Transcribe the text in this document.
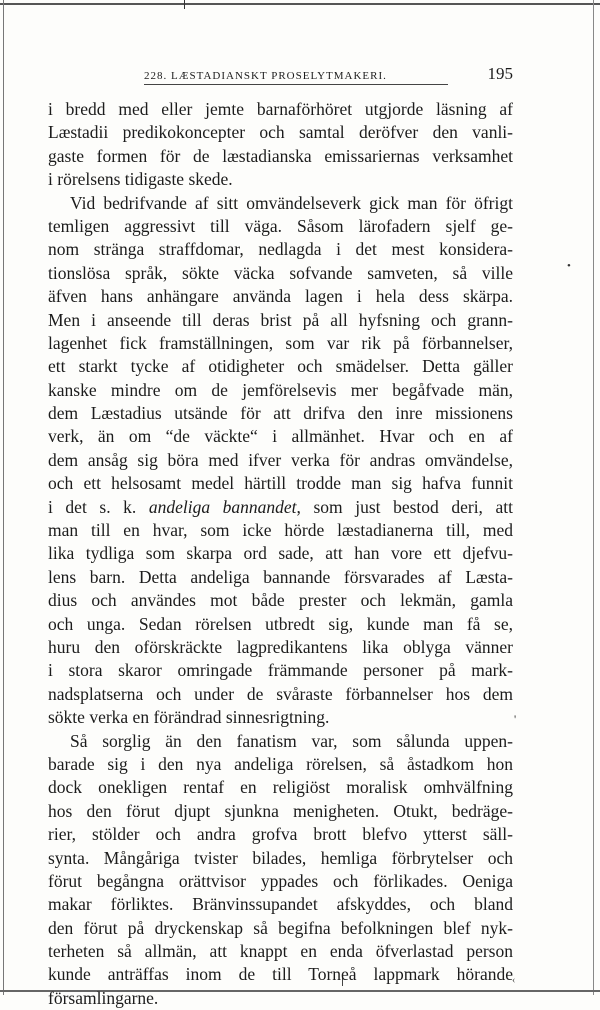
228. LÆSTADIANSKT PROSELYTMAKERI.	195
•
'
‹
i bredd med eller jemte barnaförhöret utgjorde läsning af
Læstadii predikokoncepter och samtal deröfver den vanli-
gaste formen för de læstadianska emissariernas verksamhet
i rörelsens tidigaste skede.
Vid bedrifvande af sitt omvändelseverk gick man för öfrigt
temligen aggressivt till väga. Såsom lärofadern sjelf ge-
nom stränga straffdomar, nedlagda i det mest konsidera-
tionslösa språk, sökte väcka sofvande samveten, så ville
äfven hans anhängare använda lagen i hela dess skärpa.
Men i anseende till deras brist på all hyfsning och grann-
lagenhet fick framställningen, som var rik på förbannelser,
ett starkt tycke af otidigheter och smädelser. Detta gäller
kanske mindre om de jemförelsevis mer begåfvade män,
dem Læstadius utsände för att drifva den inre missionens
verk, än om “de väckte“ i allmänhet. Hvar och en af
dem ansåg sig böra med ifver verka för andras omvändelse,
och ett helsosamt medel härtill trodde man sig hafva funnit
i det s. k. andeliga bannandet, som just bestod deri, att
man till en hvar, som icke hörde læstadianerna till, med
lika tydliga som skarpa ord sade, att han vore ett djefvu-
lens barn. Detta andeliga bannande försvarades af Læsta-
dius och användes mot både prester och lekmän, gamla
och unga. Sedan rörelsen utbredt sig, kunde man få se,
huru den oförskräckte lagpredikantens lika oblyga vänner
i stora skaror omringade främmande personer på mark-
nadsplatserna och under de svåraste förbannelser hos dem
sökte verka en förändrad sinnesrigtning.
Så sorglig än den fanatism var, som sålunda uppen-
barade sig i den nya andeliga rörelsen, så åstadkom hon
dock onekligen rentaf en religiöst moralisk omhvälfning
hos den förut djupt sjunkna menigheten. Otukt, bedräge-
rier, stölder och andra grofva brott blefvo ytterst säll-
synta. Mångåriga tvister bilades, hemliga förbrytelser och
förut begångna orättvisor yppades och förlikades. Oeniga
makar förliktes. Bränvinssupandet afskyddes, och bland
den förut på dryckenskap så begifna befolkningen blef nyk-
terheten så allmän, att knappt en enda öfverlastad person
kunde anträffas inom de till Torneå lappmark hörande
församlingarne.
